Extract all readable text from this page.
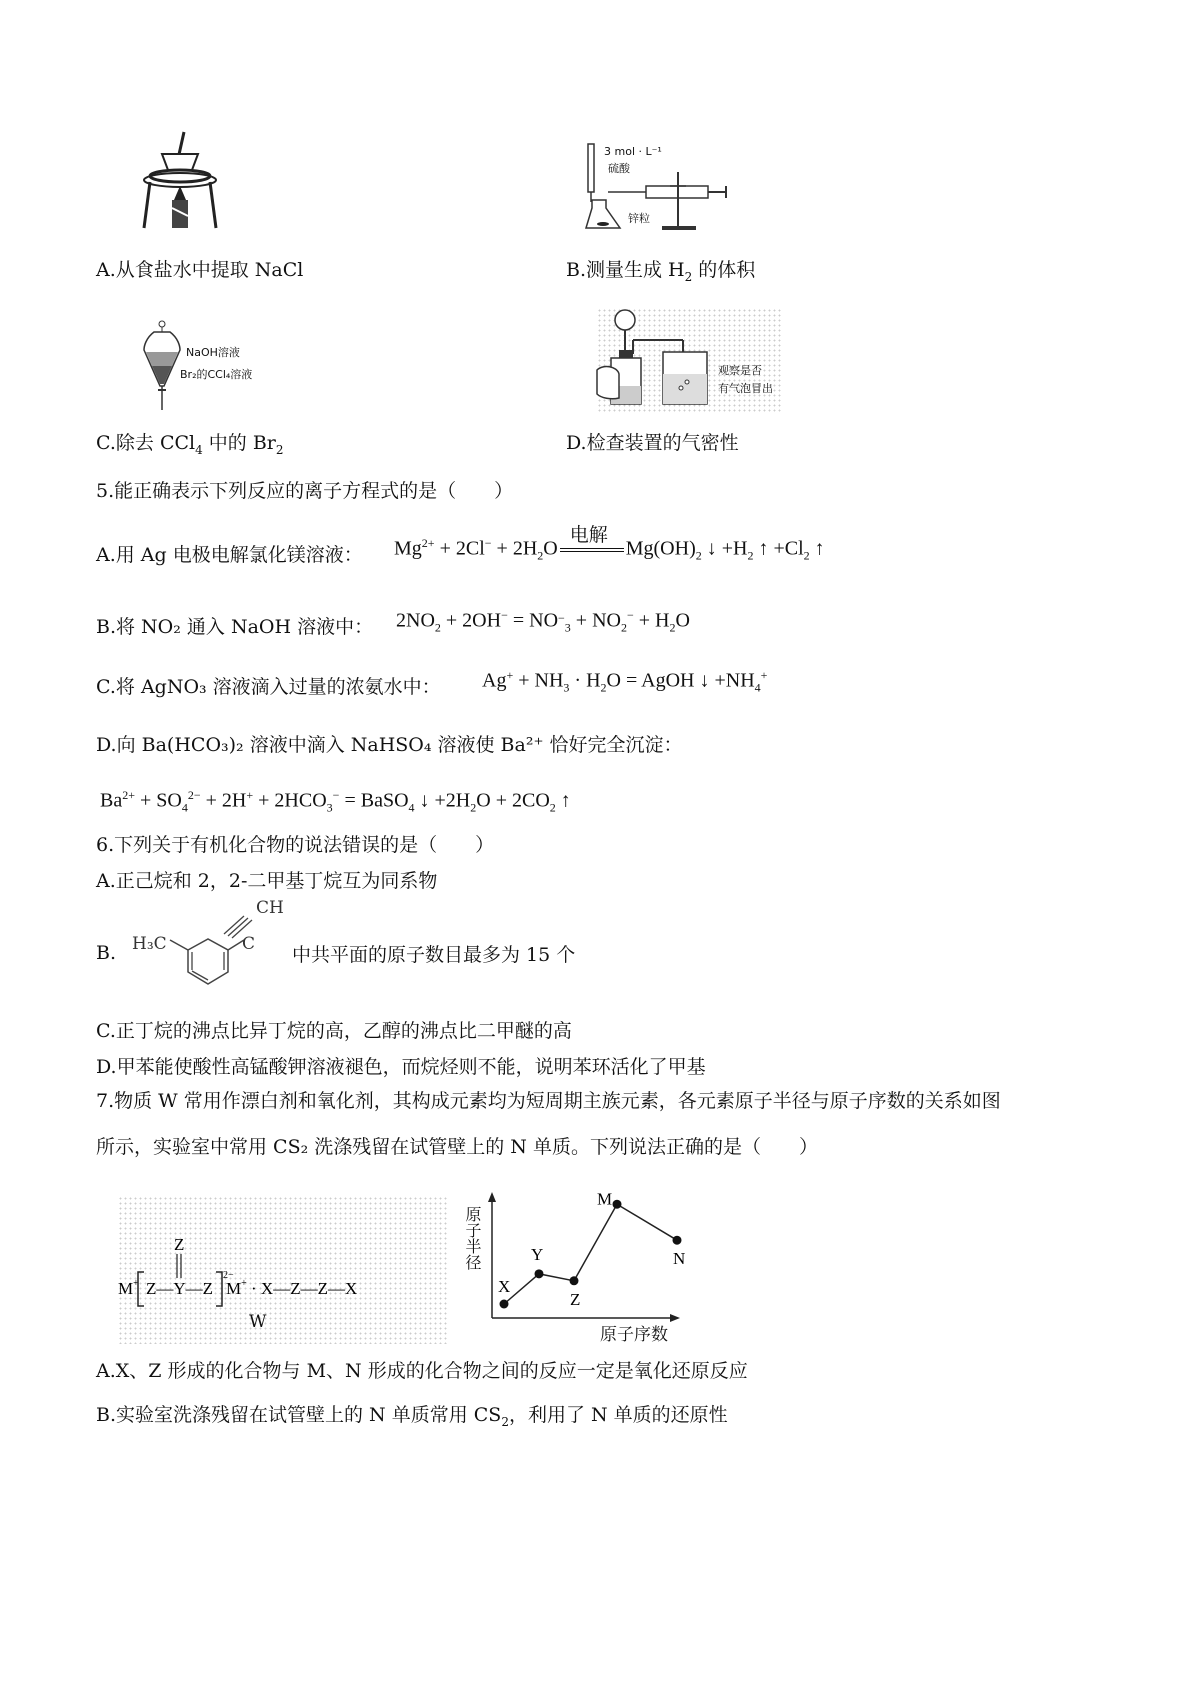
3 mol · L⁻¹
硫酸
锌粒
A.从食盐水中提取 NaCl	B.测量生成 $H_2$ 的体积
NaOH溶液
Br₂的CCl₄溶液	观察是否
有气泡冒出
C.除去 CCl$_4$ 中的 $Br_2$	D.检查装置的气密性
5.能正确表示下列反应的离子方程式的是（　　）
A.用 Ag 电极电解氯化镁溶液： $Mg^{2+} + 2Cl^- + 2H_2O$
电解
$Mg(OH)_2$ ↓ $+H_2$ ↑ $+Cl_2$ ↑
B.将 NO₂ 通入 NaOH 溶液中： $2NO_2 + 2OH^- = NO_{-3} + NO_2^- + H_2O$
C.将 AgNO₃ 溶液滴入过量的浓氨水中： $Ag^+ + NH_3 \cdot H_2O$ = AgOH ↓ $+NH_4^+$
D.向 Ba(HCO₃)₂ 溶液中滴入 NaHSO₄ 溶液使 Ba²⁺ 恰好完全沉淀：
$Ba^{2+} + SO_4^{2-} + 2H^+ + 2HCO_3^-$ = BaSO$_4$ ↓ $+2H_2O + 2CO_2$ ↑
6.下列关于有机化合物的说法错误的是（　　）
A.正己烷和 2，2-二甲基丁烷互为同系物
B. H₃C	C
CH
中共平面的原子数目最多为 15 个
C.正丁烷的沸点比异丁烷的高，乙醇的沸点比二甲醚的高
D.甲苯能使酸性高锰酸钾溶液褪色，而烷烃则不能，说明苯环活化了甲基
7.物质 W 常用作漂白剂和氧化剂，其构成元素均为短周期主族元素，各元素原子半径与原子序数的关系如图
所示，实验室中常用 CS₂ 洗涤残留在试管壁上的 N 单质。下列说法正确的是（　　）
M+ Z—Y—Z
Z
2−
M+ · X—Z—Z—X
W
X
Y
Z
M
N
原子半径
原子序数
A.X、Z 形成的化合物与 M、N 形成的化合物之间的反应一定是氧化还原反应
B.实验室洗涤残留在试管壁上的 N 单质常用 $CS_2$，利用了 N 单质的还原性
